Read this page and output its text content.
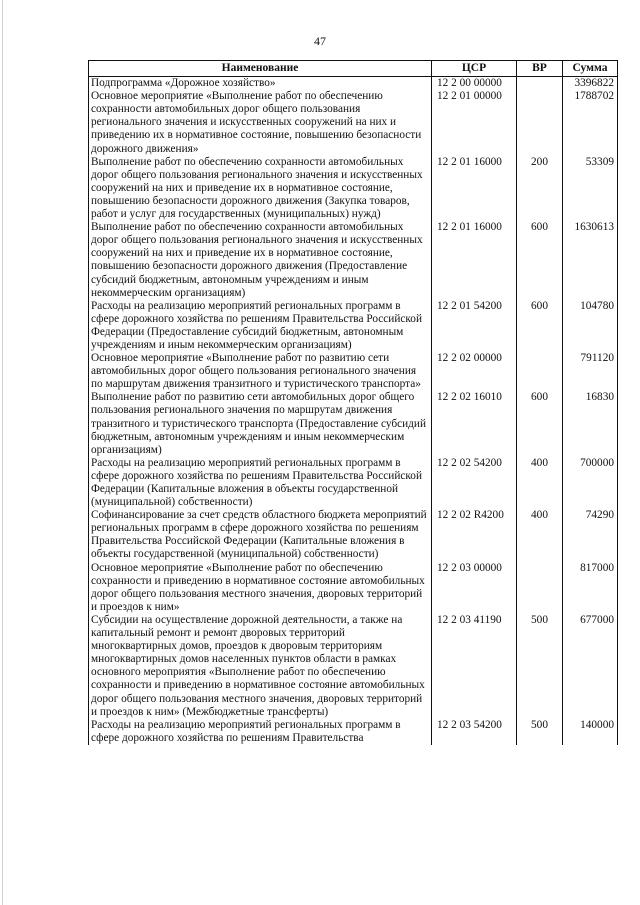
47
Наименование	ЦСР	ВР	Сумма
Подпрограмма «Дорожное хозяйство»	12 2 00 00000		3396822
Основное мероприятие «Выполнение работ по обеспечению сохранности автомобильных дорог общего пользования регионального значения и искусственных сооружений на них и приведению их в нормативное состояние, повышению безопасности дорожного движения»	12 2 01 00000		1788702
Выполнение работ по обеспечению сохранности автомобильных дорог общего пользования регионального значения и искусственных сооружений на них и приведение их в нормативное состояние, повышению безопасности дорожного движения (Закупка товаров, работ и услуг для государственных (муниципальных) нужд)	12 2 01 16000	200	53309
Выполнение работ по обеспечению сохранности автомобильных дорог общего пользования регионального значения и искусственных сооружений на них и приведение их в нормативное состояние, повышению безопасности дорожного движения (Предоставление субсидий бюджетным, автономным учреждениям и иным некоммерческим организациям)	12 2 01 16000	600	1630613
Расходы на реализацию мероприятий региональных программ в сфере дорожного хозяйства по решениям Правительства Российской Федерации (Предоставление субсидий бюджетным, автономным учреждениям и иным некоммерческим организациям)	12 2 01 54200	600	104780
Основное мероприятие «Выполнение работ по развитию сети автомобильных дорог общего пользования регионального значения по маршрутам движения транзитного и туристического транспорта»	12 2 02 00000		791120
Выполнение работ по развитию сети автомобильных дорог общего пользования регионального значения по маршрутам движения транзитного и туристического транспорта (Предоставление субсидий бюджетным, автономным учреждениям и иным некоммерческим организациям)	12 2 02 16010	600	16830
Расходы на реализацию мероприятий региональных программ в сфере дорожного хозяйства по решениям Правительства Российской Федерации (Капитальные вложения в объекты государственной (муниципальной) собственности)	12 2 02 54200	400	700000
Софинансирование за счет средств областного бюджета мероприятий региональных программ в сфере дорожного хозяйства по решениям Правительства Российской Федерации (Капитальные вложения в объекты государственной (муниципальной) собственности)	12 2 02 R4200	400	74290
Основное мероприятие «Выполнение работ по обеспечению сохранности и приведению в нормативное состояние автомобильных дорог общего пользования местного значения, дворовых территорий и проездов к ним»	12 2 03 00000		817000
Субсидии на осуществление дорожной деятельности, а также на капитальный ремонт и ремонт дворовых территорий многоквартирных домов, проездов к дворовым территориям многоквартирных домов населенных пунктов области в рамках основного мероприятия «Выполнение работ по обеспечению сохранности и приведению в нормативное состояние автомобильных дорог общего пользования местного значения, дворовых территорий и проездов к ним» (Межбюджетные трансферты)	12 2 03 41190	500	677000
Расходы на реализацию мероприятий региональных программ в сфере дорожного хозяйства по решениям Правительства	12 2 03 54200	500	140000
